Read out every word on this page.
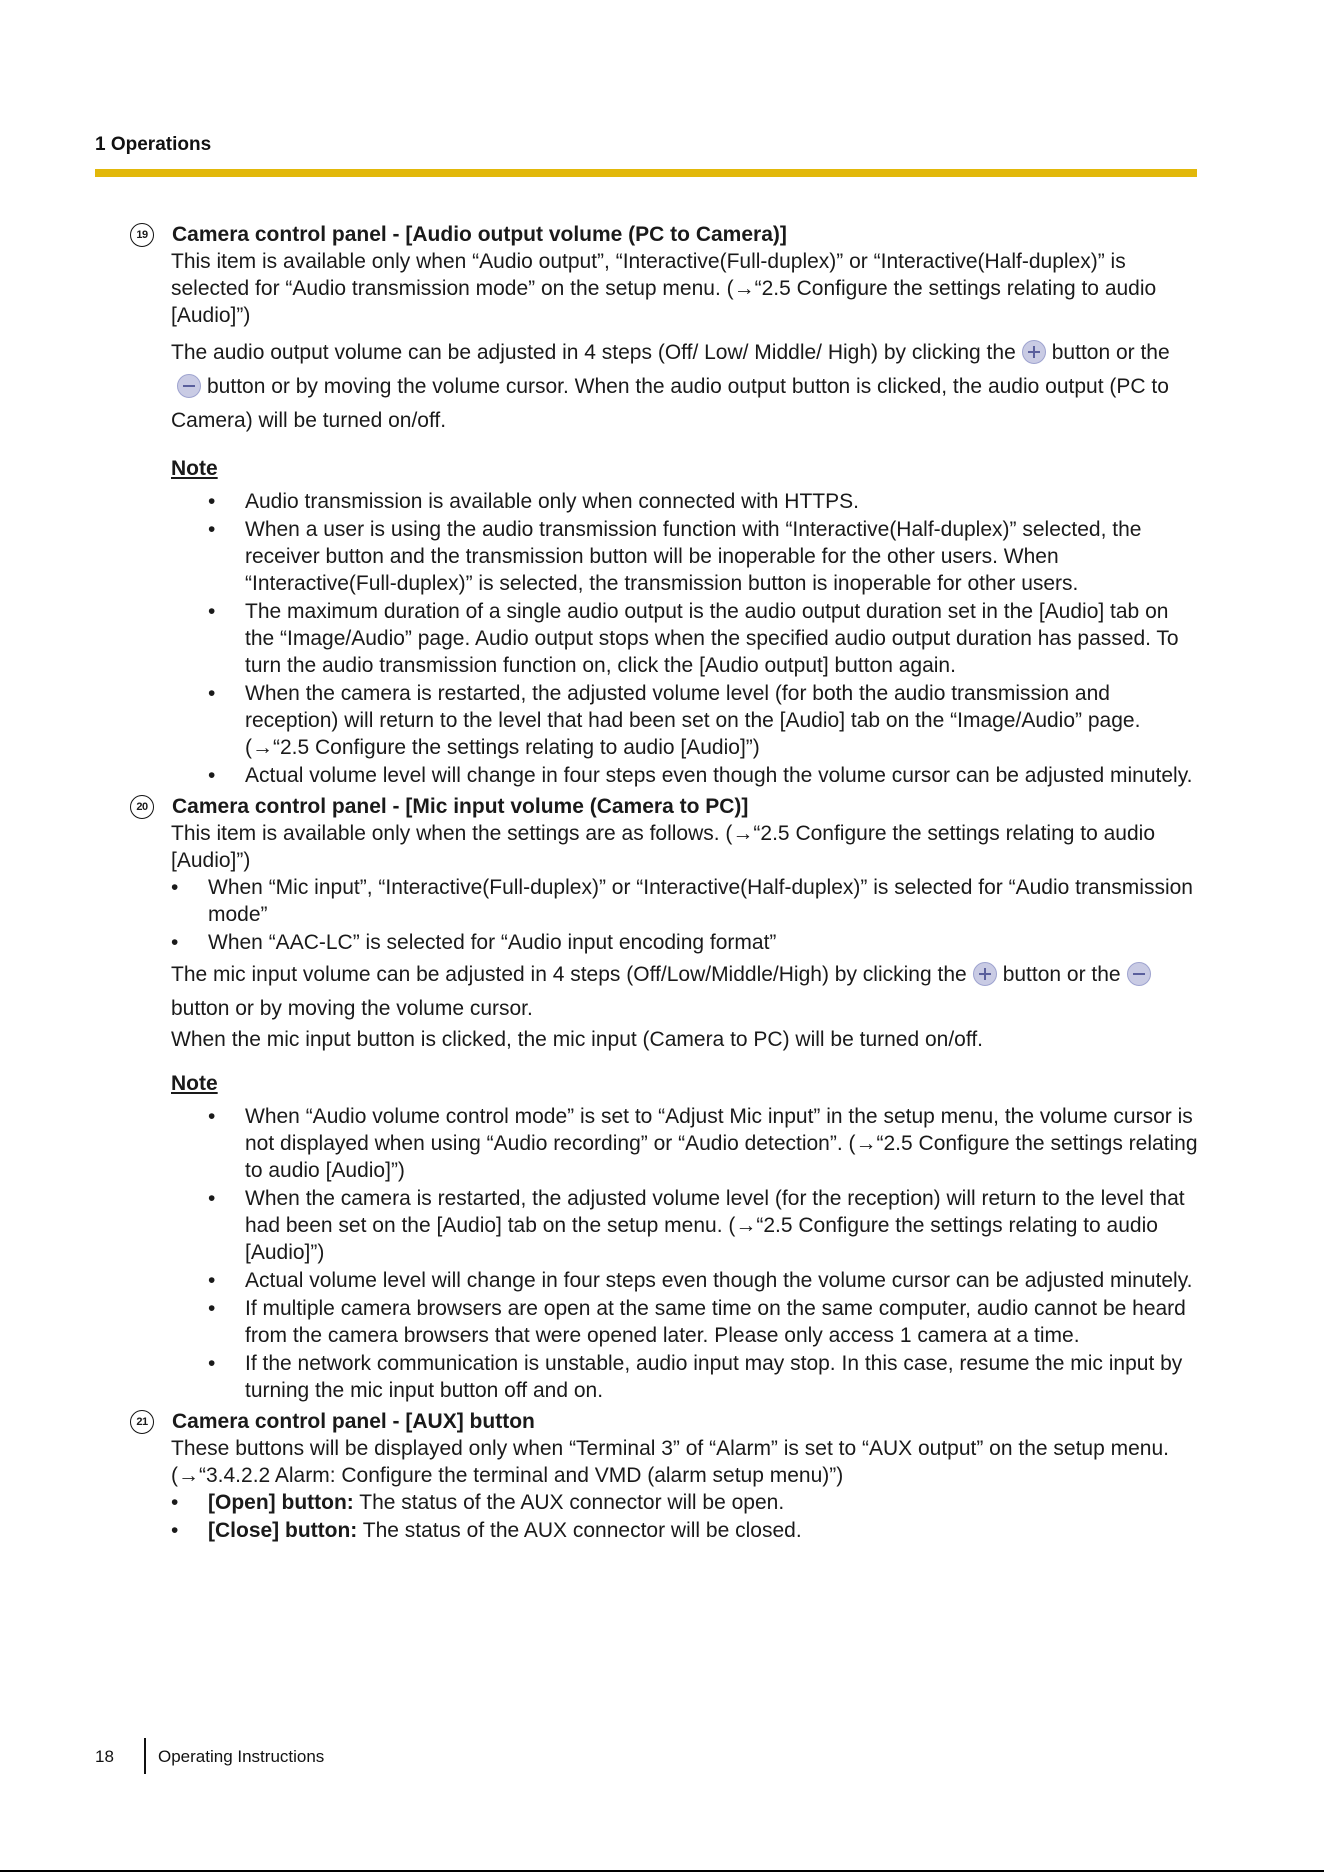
1 Operations
19	Camera control panel - [Audio output volume (PC to Camera)]

This item is available only when “Audio output”, “Interactive(Full-duplex)” or “Interactive(Half-duplex)” is selected for “Audio transmission mode” on the setup menu. (→“2.5 Configure the settings relating to audio [Audio]”)

The audio output volume can be adjusted in 4 steps (Off/ Low/ Middle/ High) by clicking the button or thebutton or by moving the volume cursor. When the audio output button is clicked, the audio output (PC to Camera) will be turned on/off.

Note
• Audio transmission is available only when connected with HTTPS.
• When a user is using the audio transmission function with “Interactive(Half-duplex)” selected, the receiver button and the transmission button will be inoperable for the other users. When “Interactive(Full-duplex)” is selected, the transmission button is inoperable for other users.
• The maximum duration of a single audio output is the audio output duration set in the [Audio] tab on the “Image/Audio” page. Audio output stops when the specified audio output duration has passed. To turn the audio transmission function on, click the [Audio output] button again.
• When the camera is restarted, the adjusted volume level (for both the audio transmission and reception) will return to the level that had been set on the [Audio] tab on the “Image/Audio” page. (→“2.5 Configure the settings relating to audio [Audio]”)
• Actual volume level will change in four steps even though the volume cursor can be adjusted minutely.
20	Camera control panel - [Mic input volume (Camera to PC)]

This item is available only when the settings are as follows. (→“2.5 Configure the settings relating to audio [Audio]”)

• When “Mic input”, “Interactive(Full-duplex)” or “Interactive(Half-duplex)” is selected for “Audio transmission mode”
• When “AAC-LC” is selected for “Audio input encoding format”

The mic input volume can be adjusted in 4 steps (Off/Low/Middle/High) by clicking the button or thebutton or by moving the volume cursor.

When the mic input button is clicked, the mic input (Camera to PC) will be turned on/off.

Note
• When “Audio volume control mode” is set to “Adjust Mic input” in the setup menu, the volume cursor is not displayed when using “Audio recording” or “Audio detection”. (→“2.5 Configure the settings relating to audio [Audio]”)
• When the camera is restarted, the adjusted volume level (for the reception) will return to the level that had been set on the [Audio] tab on the setup menu. (→“2.5 Configure the settings relating to audio [Audio]”)
• Actual volume level will change in four steps even though the volume cursor can be adjusted minutely.
• If multiple camera browsers are open at the same time on the same computer, audio cannot be heard from the camera browsers that were opened later. Please only access 1 camera at a time.
• If the network communication is unstable, audio input may stop. In this case, resume the mic input by turning the mic input button off and on.
21	Camera control panel - [AUX] button

These buttons will be displayed only when “Terminal 3” of “Alarm” is set to “AUX output” on the setup menu. (→“3.4.2.2 Alarm: Configure the terminal and VMD (alarm setup menu)”)

• [Open] button: The status of the AUX connector will be open.
• [Close] button: The status of the AUX connector will be closed.
18	Operating Instructions
